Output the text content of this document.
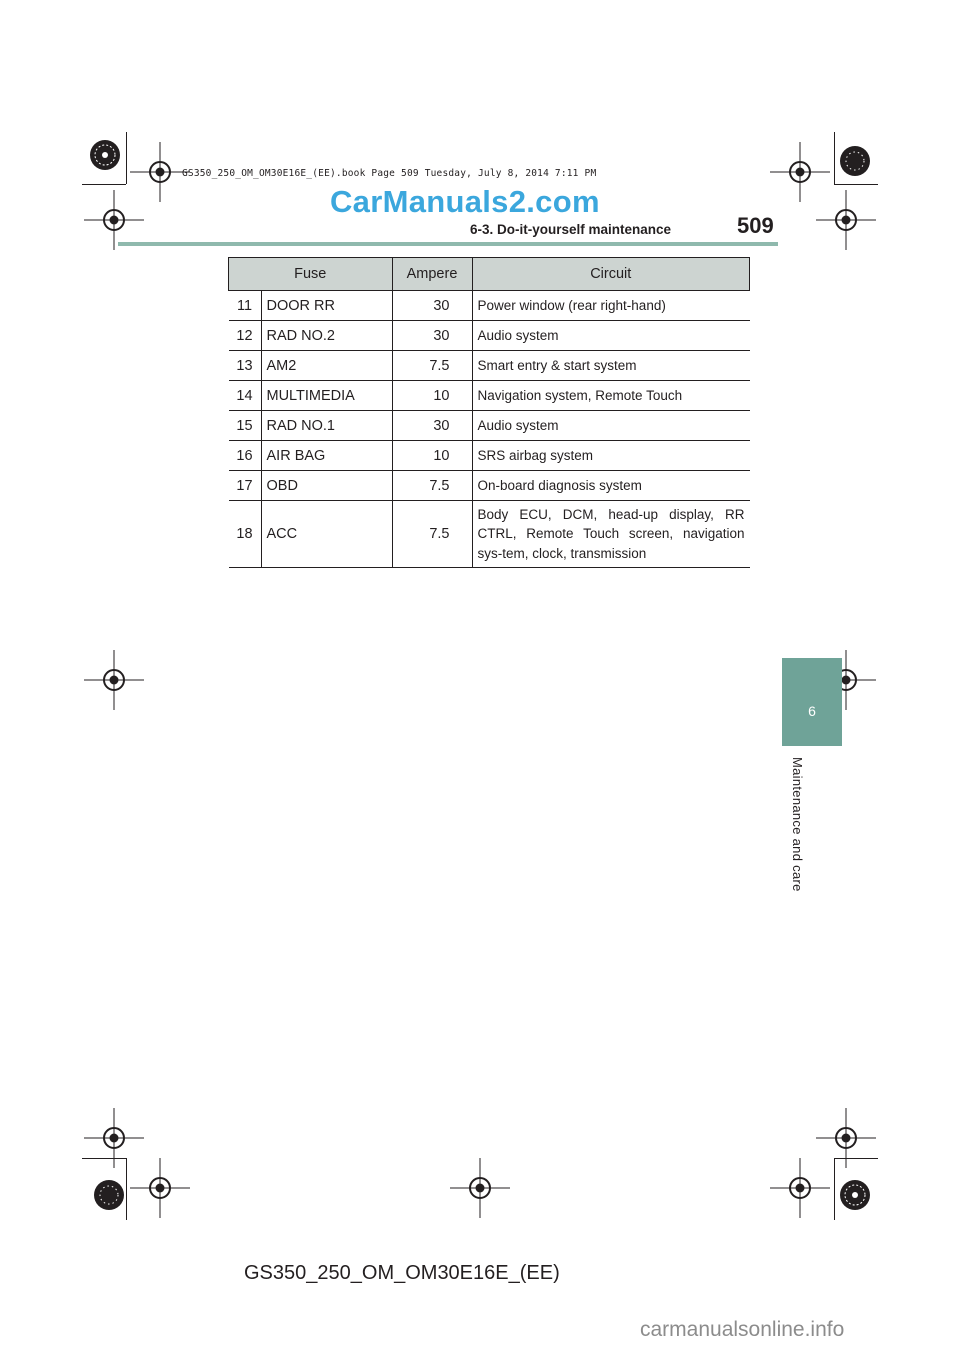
GS350_250_OM_OM30E16E_(EE).book Page 509 Tuesday, July 8, 2014 7:11 PM
CarManuals2.com
6-3. Do-it-yourself maintenance	509
6
Maintenance and care
Fuse		Ampere	Circuit
11	DOOR RR	30	Power window (rear right-hand)
12	RAD NO.2	30	Audio system
13	AM2	7.5	Smart entry & start system
14	MULTIMEDIA	10	Navigation system, Remote Touch
15	RAD NO.1	30	Audio system
16	AIR BAG	10	SRS airbag system
17	OBD	7.5	On-board diagnosis system
18	ACC	7.5	Body ECU, DCM, head-up display, RR CTRL, Remote Touch screen, navigation sys-tem, clock, transmission
GS350_250_OM_OM30E16E_(EE)
carmanualsonline.info
